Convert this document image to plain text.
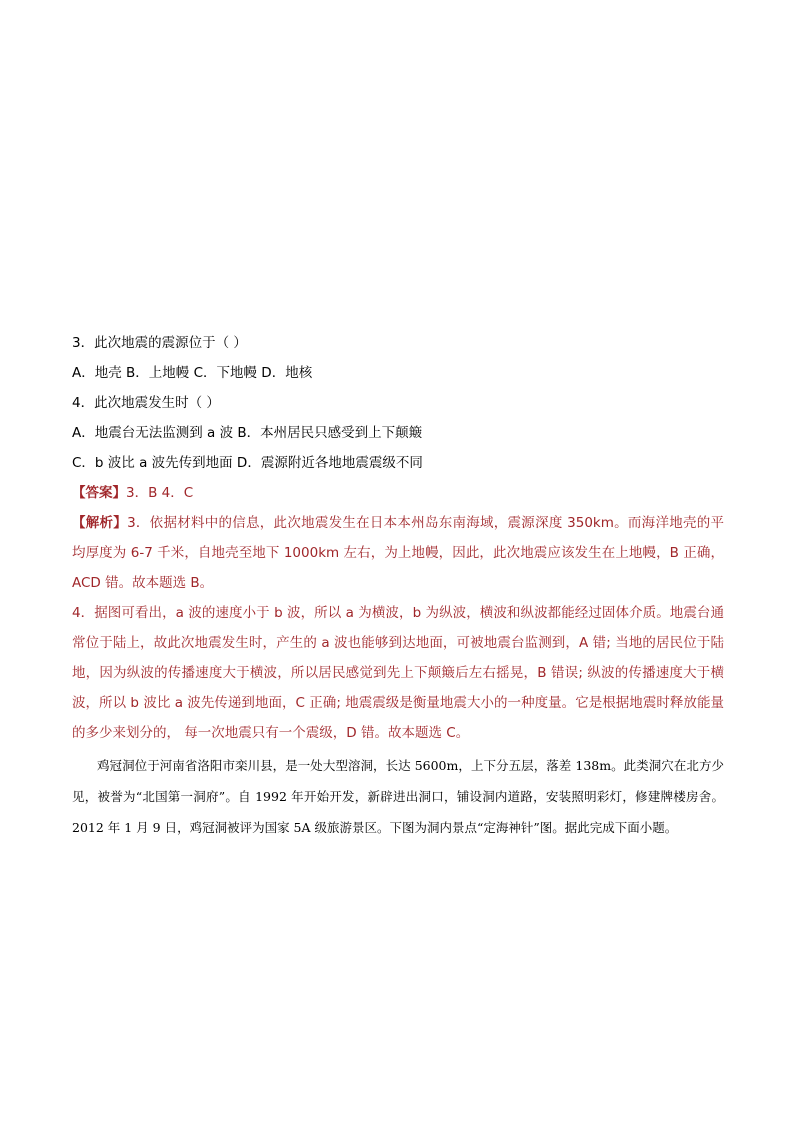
3．此次地震的震源位于（ ）
A．地壳 B．上地幔 C．下地幔 D．地核
4．此次地震发生时（ ）
A．地震台无法监测到 a 波 B．本州居民只感受到上下颠簸
C．b 波比 a 波先传到地面 D．震源附近各地地震震级不同
【答案】3．B 4．C
【解析】3．依据材料中的信息，此次地震发生在日本本州岛东南海域，震源深度 350km。而海洋地壳的平均厚度为 6-7 千米，自地壳至地下 1000km 左右，为上地幔，因此，此次地震应该发生在上地幔，B 正确，ACD 错。故本题选 B。
4．据图可看出，a 波的速度小于 b 波，所以 a 为横波，b 为纵波，横波和纵波都能经过固体介质。地震台通常位于陆上，故此次地震发生时，产生的 a 波也能够到达地面，可被地震台监测到，A 错; 当地的居民位于陆地，因为纵波的传播速度大于横波，所以居民感觉到先上下颠簸后左右摇晃，B 错误; 纵波的传播速度大于横波，所以 b 波比 a 波先传递到地面，C 正确; 地震震级是衡量地震大小的一种度量。它是根据地震时释放能量的多少来划分的， 每一次地震只有一个震级，D 错。故本题选 C。
鸡冠洞位于河南省洛阳市栾川县，是一处大型溶洞，长达 5600m，上下分五层，落差 138m。此类洞穴在北方少见，被誉为“北国第一洞府”。自 1992 年开始开发，新辟进出洞口，铺设洞内道路，安装照明彩灯，修建牌楼房舍。2012 年 1 月 9 日，鸡冠洞被评为国家 5A 级旅游景区。下图为洞内景点“定海神针”图。据此完成下面小题。
